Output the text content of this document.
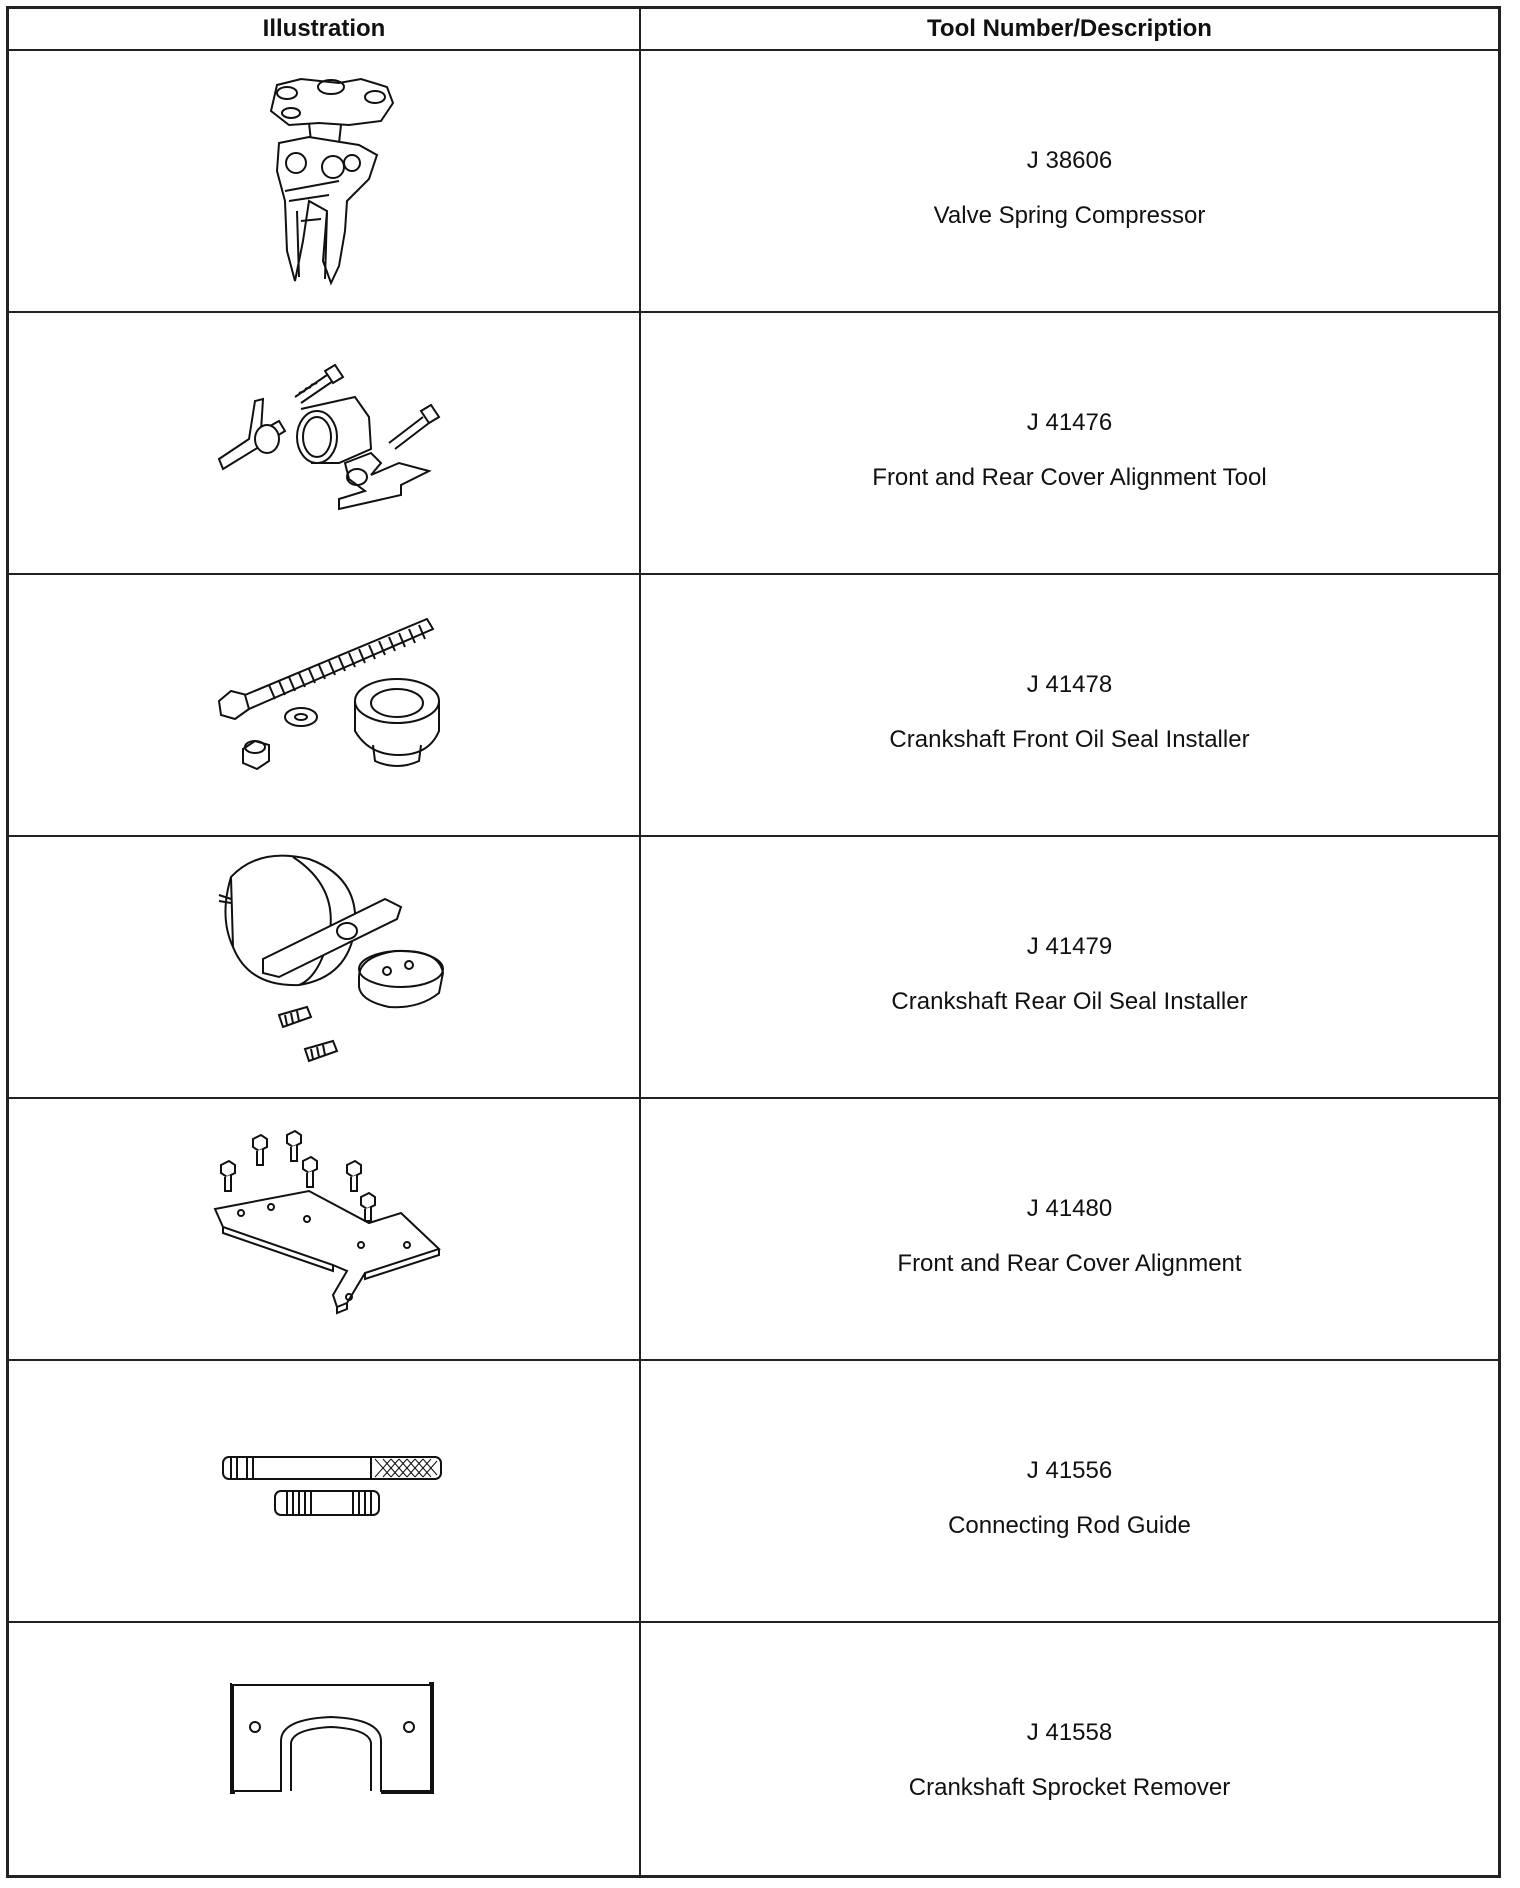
Illustration	Tool Number/Description
J 38606
Valve Spring Compressor
J 41476
Front and Rear Cover Alignment Tool
J 41478
Crankshaft Front Oil Seal Installer
J 41479
Crankshaft Rear Oil Seal Installer
J 41480
Front and Rear Cover Alignment
J 41556
Connecting Rod Guide
J 41558
Crankshaft Sprocket Remover
